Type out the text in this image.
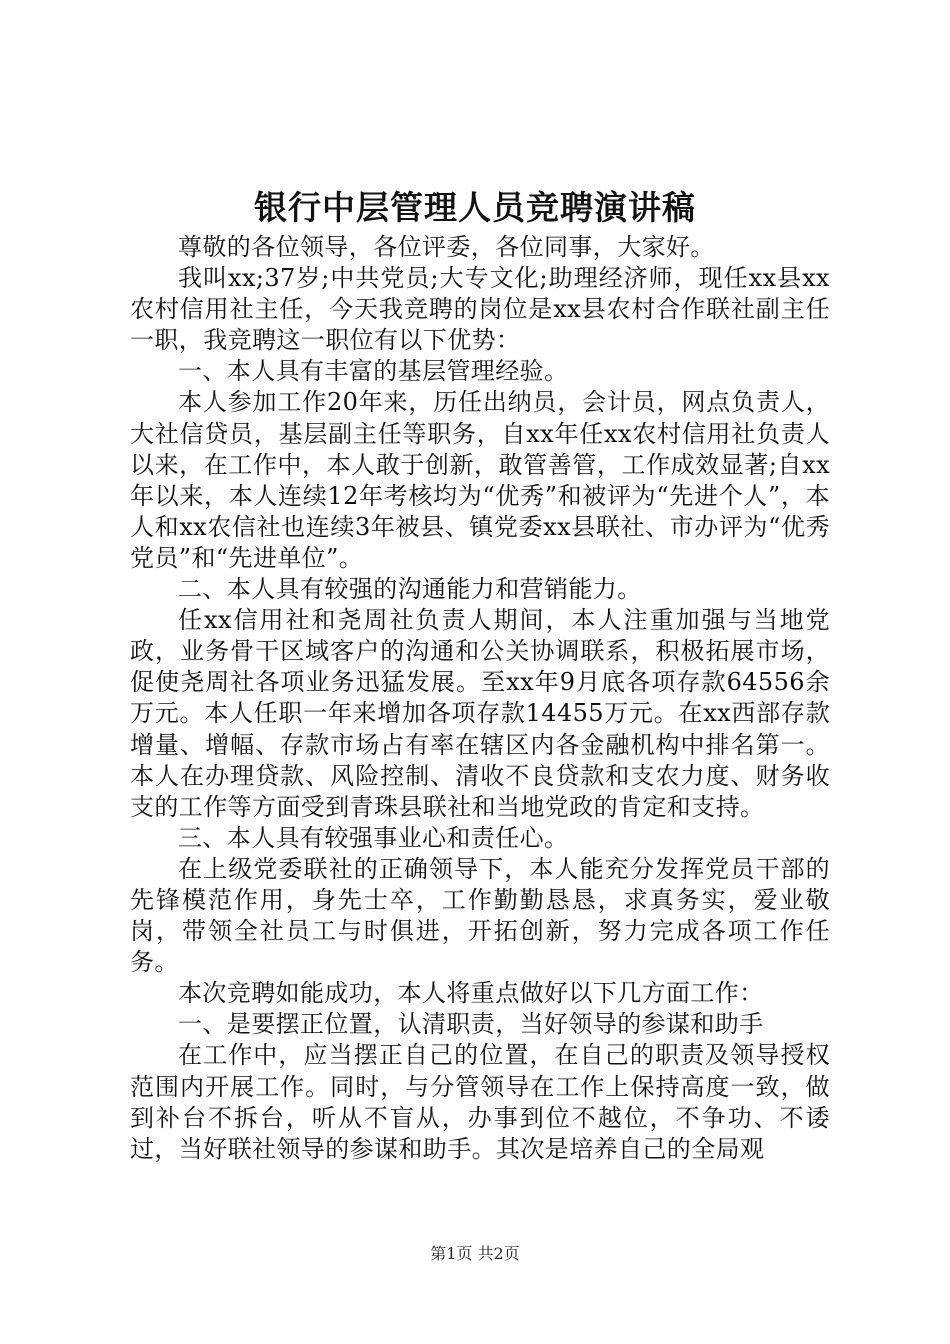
银行中层管理人员竞聘演讲稿

尊敬的各位领导，各位评委，各位同事，大家好。

我叫xx;37岁;中共党员;大专文化;助理经济师，现任xx县xx农村信用社主任，今天我竞聘的岗位是xx县农村合作联社副主任一职，我竞聘这一职位有以下优势：

一、本人具有丰富的基层管理经验。

本人参加工作20年来，历任出纳员，会计员，网点负责人，大社信贷员，基层副主任等职务，自xx年任xx农村信用社负责人以来，在工作中，本人敢于创新，敢管善管，工作成效显著;自xx年以来，本人连续12年考核均为“优秀”和被评为“先进个人”，本人和xx农信社也连续3年被县、镇党委xx县联社、市办评为“优秀党员”和“先进单位”。

二、本人具有较强的沟通能力和营销能力。

任xx信用社和尧周社负责人期间，本人注重加强与当地党政，业务骨干区域客户的沟通和公关协调联系，积极拓展市场，促使尧周社各项业务迅猛发展。至xx年9月底各项存款64556余万元。本人任职一年来增加各项存款14455万元。在xx西部存款增量、增幅、存款市场占有率在辖区内各金融机构中排名第一。本人在办理贷款、风险控制、清收不良贷款和支农力度、财务收支的工作等方面受到青珠县联社和当地党政的肯定和支持。

三、本人具有较强事业心和责任心。

在上级党委联社的正确领导下，本人能充分发挥党员干部的先锋模范作用，身先士卒，工作勤勤恳恳，求真务实，爱业敬岗，带领全社员工与时俱进，开拓创新，努力完成各项工作任务。

本次竞聘如能成功，本人将重点做好以下几方面工作：

一、是要摆正位置，认清职责，当好领导的参谋和助手

在工作中，应当摆正自己的位置，在自己的职责及领导授权范围内开展工作。同时，与分管领导在工作上保持高度一致，做到补台不拆台，听从不盲从，办事到位不越位，不争功、不诿过，当好联社领导的参谋和助手。其次是培养自己的全局观

第1页 共2页
